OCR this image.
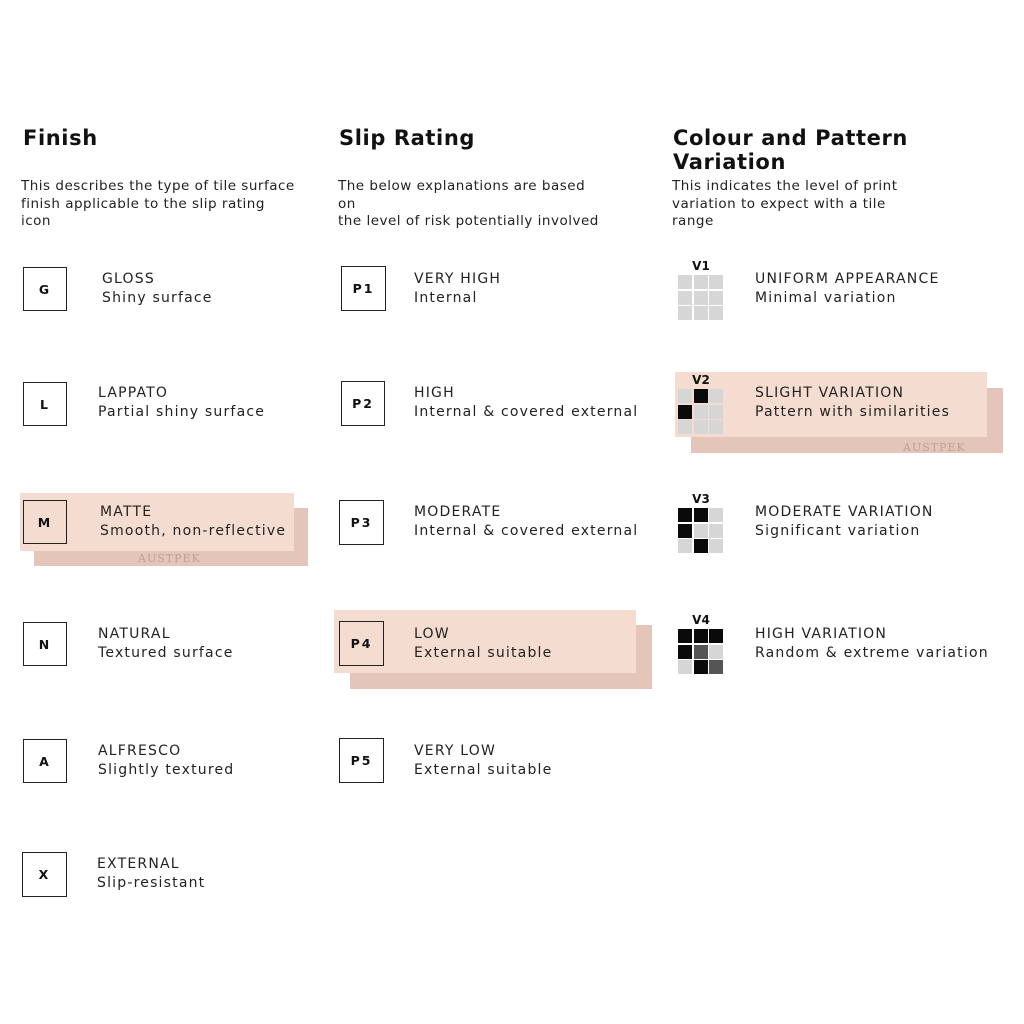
Finish	Slip Rating	Colour and Pattern Variation

This describes the type of tile surface
finish applicable to the slip rating
icon

The below explanations are based
on
the level of risk potentially involved

This indicates the level of print
variation to expect with a tile
range

G
GLOSS
Shiny surface
L
LAPPATO
Partial shiny surface
AUSTPEK
M
MATTE
Smooth, non-reflective
N
NATURAL
Textured surface
A
ALFRESCO
Slightly textured
X
EXTERNAL
Slip-resistant
P1
VERY HIGH
Internal
P2
HIGH
Internal & covered external
P3
MODERATE
Internal & covered external
P4
LOW
External suitable
P5
VERY LOW
External suitable
V1
UNIFORM APPEARANCE
Minimal variation
AUSTPEK
V2
SLIGHT VARIATION
Pattern with similarities
V3
MODERATE VARIATION
Significant variation
V4
HIGH VARIATION
Random & extreme variation
